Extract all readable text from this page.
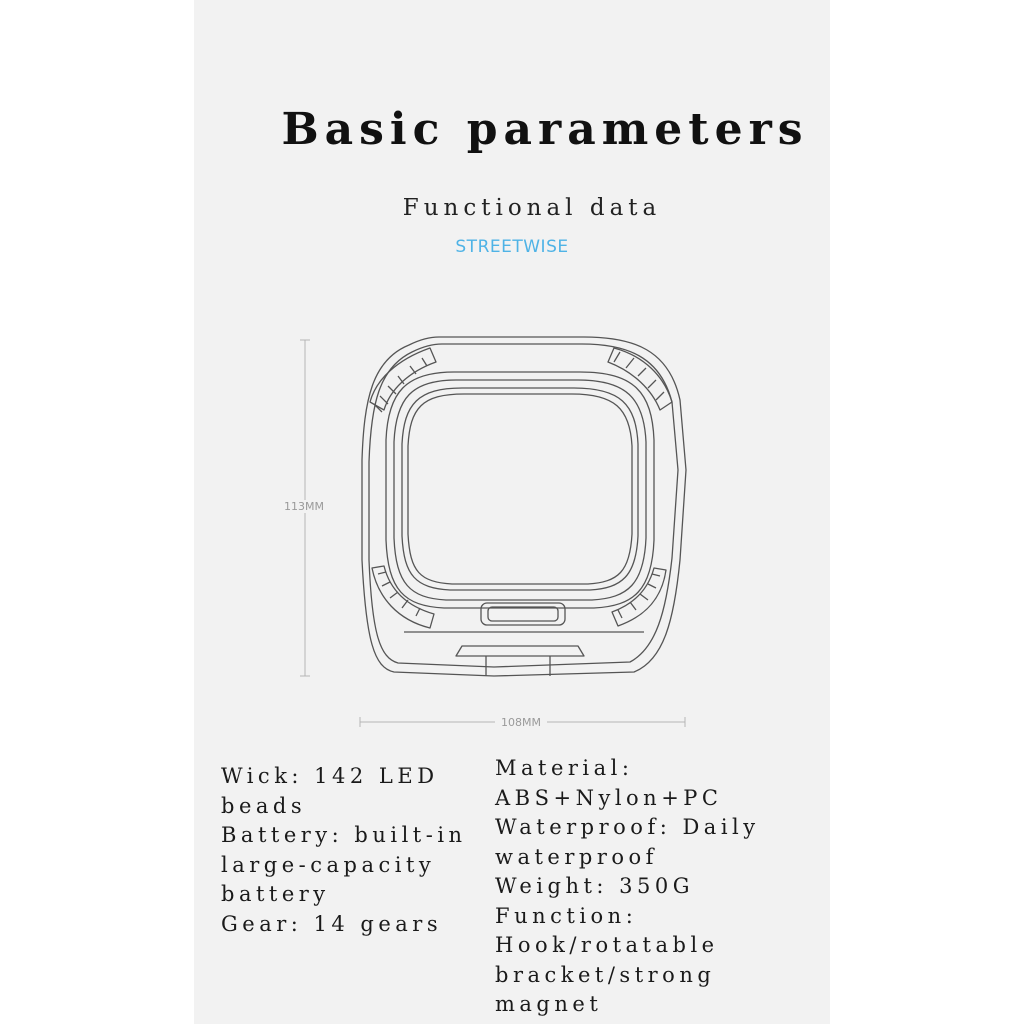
Basic parameters
Functional data
STREETWISE
113MM
108MM
Wick: 142 LED
beads
Battery: built-in
large-capacity
battery
Gear: 14 gears
Material:
ABS+Nylon+PC
Waterproof: Daily
waterproof
Weight: 350G
Function:
Hook/rotatable
bracket/strong
magnet
